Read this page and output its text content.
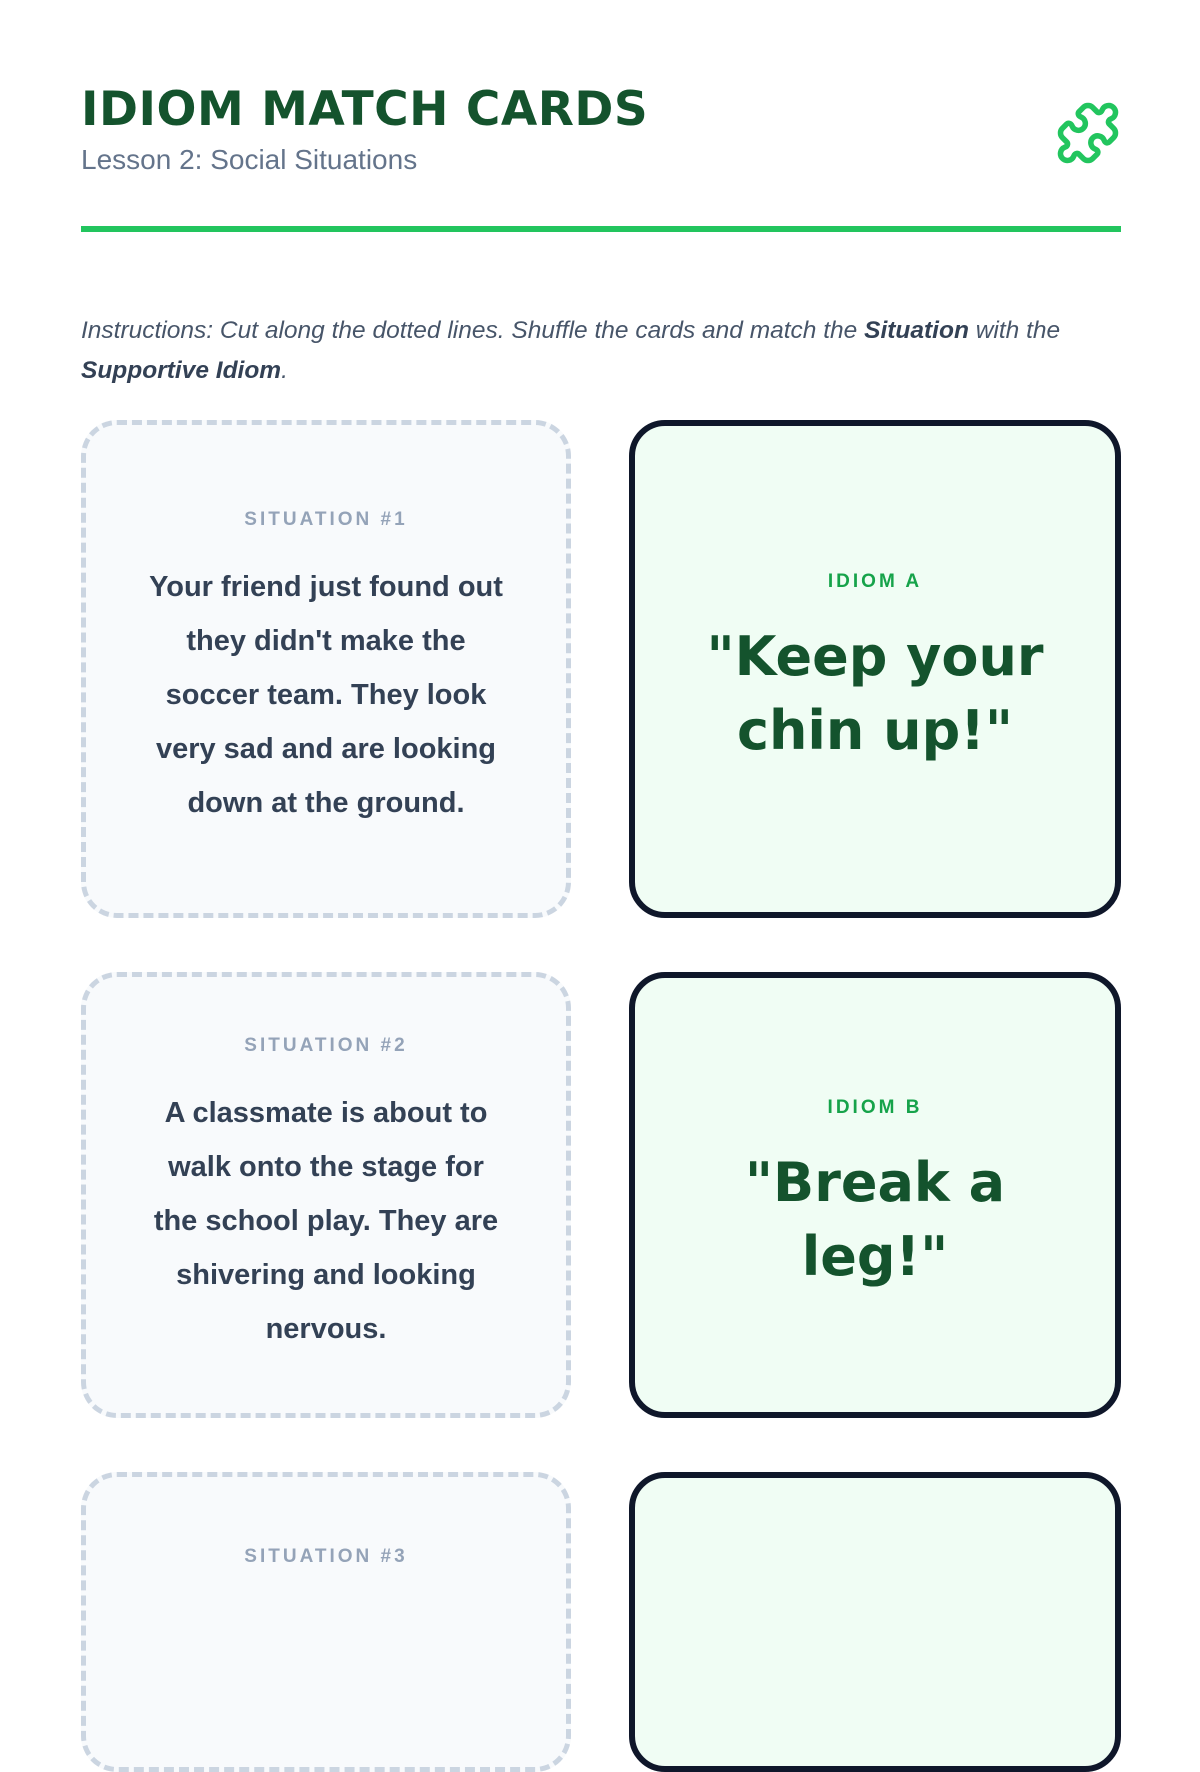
IDIOM MATCH CARDS
Lesson 2: Social Situations

Instructions: Cut along the dotted lines. Shuffle the cards and match the Situation with the Supportive Idiom.

SITUATION #1
Your friend just found out they didn't make the soccer team. They look very sad and are looking down at the ground.
IDIOM A
"Keep your chin up!"
SITUATION #2
A classmate is about to walk onto the stage for the school play. They are shivering and looking nervous.
IDIOM B
"Break a leg!"
SITUATION #3
